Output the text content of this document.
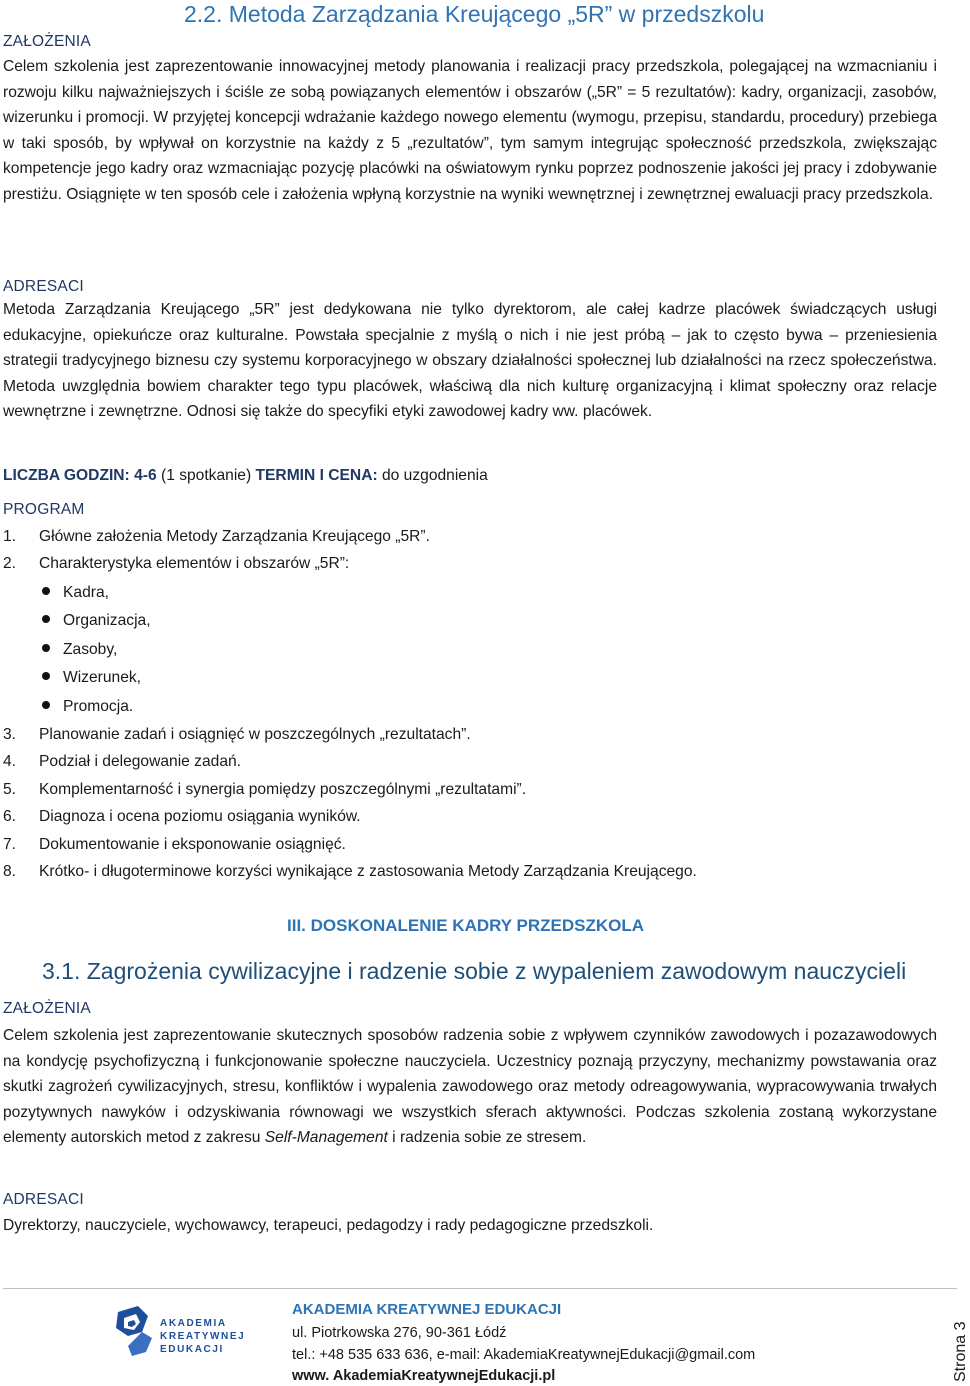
2.2. Metoda Zarządzania Kreującego „5R” w przedszkolu
ZAŁOŻENIA

Celem szkolenia jest zaprezentowanie innowacyjnej metody planowania i realizacji pracy przedszkola, polegającej na wzmacnianiu i rozwoju kilku najważniejszych i ściśle ze sobą powiązanych elementów i obszarów („5R” = 5 rezultatów): kadry, organizacji, zasobów, wizerunku i promocji. W przyjętej koncepcji wdrażanie każdego nowego elementu (wymogu, przepisu, standardu, procedury) przebiega w taki sposób, by wpływał on korzystnie na każdy z 5 „rezultatów”, tym samym integrując społeczność przedszkola, zwiększając kompetencje jego kadry oraz wzmacniając pozycję placówki na oświatowym rynku poprzez podnoszenie jakości jej pracy i zdobywanie prestiżu. Osiągnięte w ten sposób cele i założenia wpłyną korzystnie na wyniki wewnętrznej i zewnętrznej ewaluacji pracy przedszkola.

ADRESACI

Metoda Zarządzania Kreującego „5R” jest dedykowana nie tylko dyrektorom, ale całej kadrze placówek świadczących usługi edukacyjne, opiekuńcze oraz kulturalne. Powstała specjalnie z myślą o nich i nie jest próbą – jak to często bywa – przeniesienia strategii tradycyjnego biznesu czy systemu korporacyjnego w obszary działalności społecznej lub działalności na rzecz społeczeństwa. Metoda uwzględnia bowiem charakter tego typu placówek, właściwą dla nich kulturę organizacyjną i klimat społeczny oraz relacje wewnętrzne i zewnętrzne. Odnosi się także do specyfiki etyki zawodowej kadry ww. placówek.

LICZBA GODZIN: 4-6 (1 spotkanie) TERMIN I CENA: do uzgodnienia
PROGRAM
1. Główne założenia Metody Zarządzania Kreującego „5R”.
2. Charakterystyka elementów i obszarów „5R”:
3. Planowanie zadań i osiągnięć w poszczególnych „rezultatach”.
4. Podział i delegowanie zadań.
5. Komplementarność i synergia pomiędzy poszczególnymi „rezultatami”.
6. Diagnoza i ocena poziomu osiągania wyników.
7. Dokumentowanie i eksponowanie osiągnięć.
8. Krótko- i długoterminowe korzyści wynikające z zastosowania Metody Zarządzania Kreującego.
Kadra,
Organizacja,
Zasoby,
Wizerunek,
Promocja.
III. DOSKONALENIE KADRY PRZEDSZKOLA
3.1. Zagrożenia cywilizacyjne i radzenie sobie z wypaleniem zawodowym nauczycieli
ZAŁOŻENIA

Celem szkolenia jest zaprezentowanie skutecznych sposobów radzenia sobie z wpływem czynników zawodowych i pozazawodowych na kondycję psychofizyczną i funkcjonowanie społeczne nauczyciela. Uczestnicy poznają przyczyny, mechanizmy powstawania oraz skutki zagrożeń cywilizacyjnych, stresu, konfliktów i wypalenia zawodowego oraz metody odreagowywania, wypracowywania trwałych pozytywnych nawyków i odzyskiwania równowagi we wszystkich sferach aktywności. Podczas szkolenia zostaną wykorzystane elementy autorskich metod z zakresu Self-Management i radzenia sobie ze stresem.

ADRESACI

Dyrektorzy, nauczyciele, wychowawcy, terapeuci, pedagodzy i rady pedagogiczne przedszkoli.

AKADEMIA
KREATYWNEJ
EDUKACJI
AKADEMIA KREATYWNEJ EDUKACJI
ul. Piotrkowska 276, 90-361 Łódź
tel.: +48 535 633 636, e-mail: AkademiaKreatywnejEdukacji@gmail.com
www. AkademiaKreatywnejEdukacji.pl	Strona 3
